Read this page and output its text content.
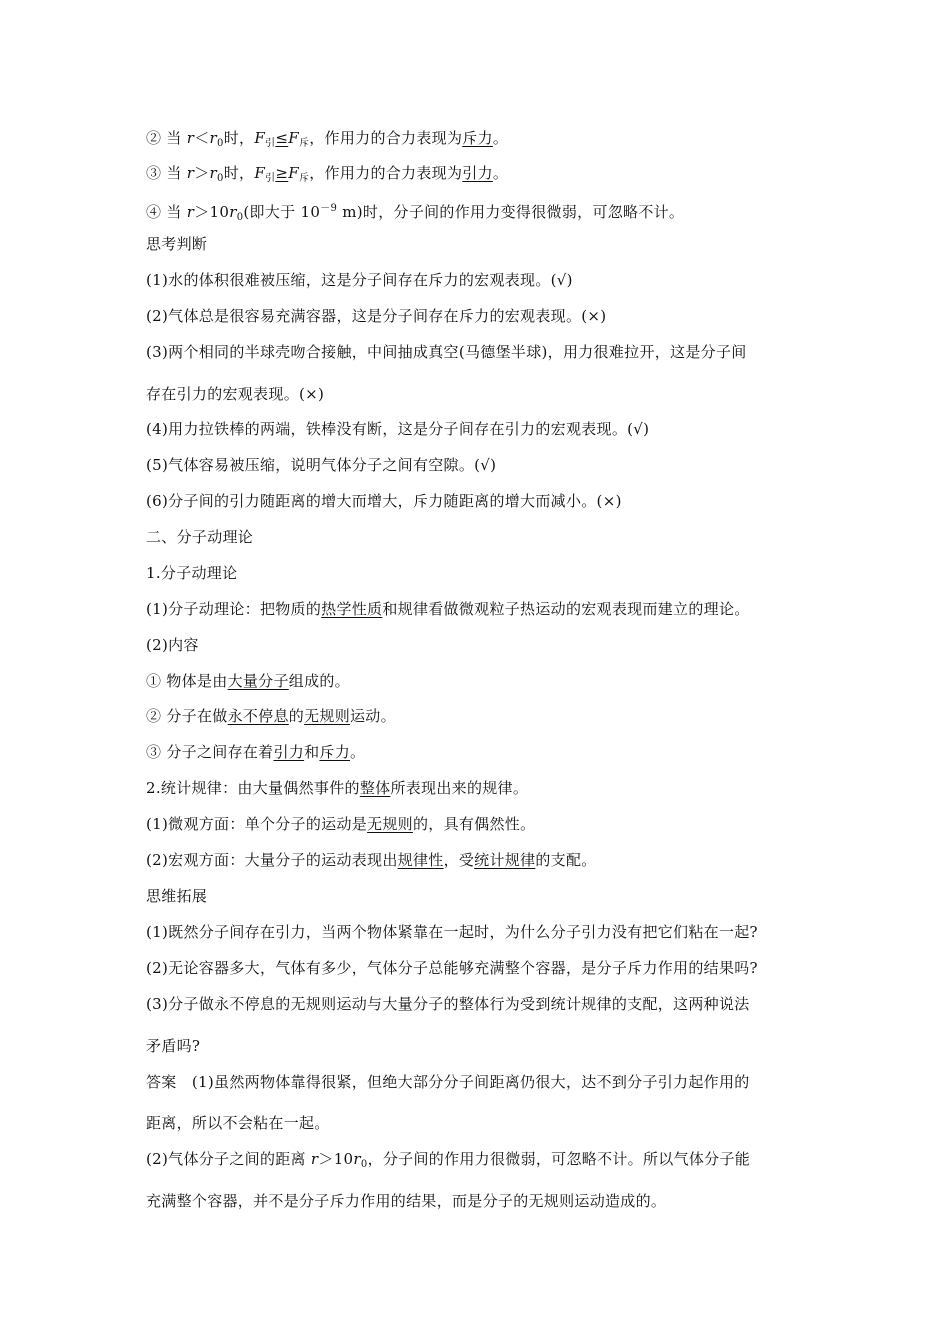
② 当 $r<r_0$时，$F_引\le F_斥$，作用力的合力表现为斥力。
③ 当 $r>r_0$时，$F_引\ge F_斥$，作用力的合力表现为引力。
④ 当 $r>10r_0$(即大于 $10^{-9}$ m)时，分子间的作用力变得很微弱，可忽略不计。
思考判断
(1)水的体积很难被压缩，这是分子间存在斥力的宏观表现。(√)
(2)气体总是很容易充满容器，这是分子间存在斥力的宏观表现。(×)
(3)两个相同的半球壳吻合接触，中间抽成真空(马德堡半球)，用力很难拉开，这是分子间
存在引力的宏观表现。(×)
(4)用力拉铁棒的两端，铁棒没有断，这是分子间存在引力的宏观表现。(√)
(5)气体容易被压缩，说明气体分子之间有空隙。(√)
(6)分子间的引力随距离的增大而增大，斥力随距离的增大而减小。(×)
二、分子动理论
1.分子动理论
(1)分子动理论：把物质的热学性质和规律看做微观粒子热运动的宏观表现而建立的理论。
(2)内容
① 物体是由大量分子组成的。
② 分子在做永不停息的无规则运动。
③ 分子之间存在着引力和斥力。
2.统计规律：由大量偶然事件的整体所表现出来的规律。
(1)微观方面：单个分子的运动是无规则的，具有偶然性。
(2)宏观方面：大量分子的运动表现出规律性，受统计规律的支配。
思维拓展
(1)既然分子间存在引力，当两个物体紧靠在一起时，为什么分子引力没有把它们粘在一起?
(2)无论容器多大，气体有多少，气体分子总能够充满整个容器，是分子斥力作用的结果吗?
(3)分子做永不停息的无规则运动与大量分子的整体行为受到统计规律的支配，这两种说法
矛盾吗?
答案　(1)虽然两物体靠得很紧，但绝大部分分子间距离仍很大，达不到分子引力起作用的
距离，所以不会粘在一起。
(2)气体分子之间的距离 $r>10r_0$，分子间的作用力很微弱，可忽略不计。所以气体分子能
充满整个容器，并不是分子斥力作用的结果，而是分子的无规则运动造成的。
